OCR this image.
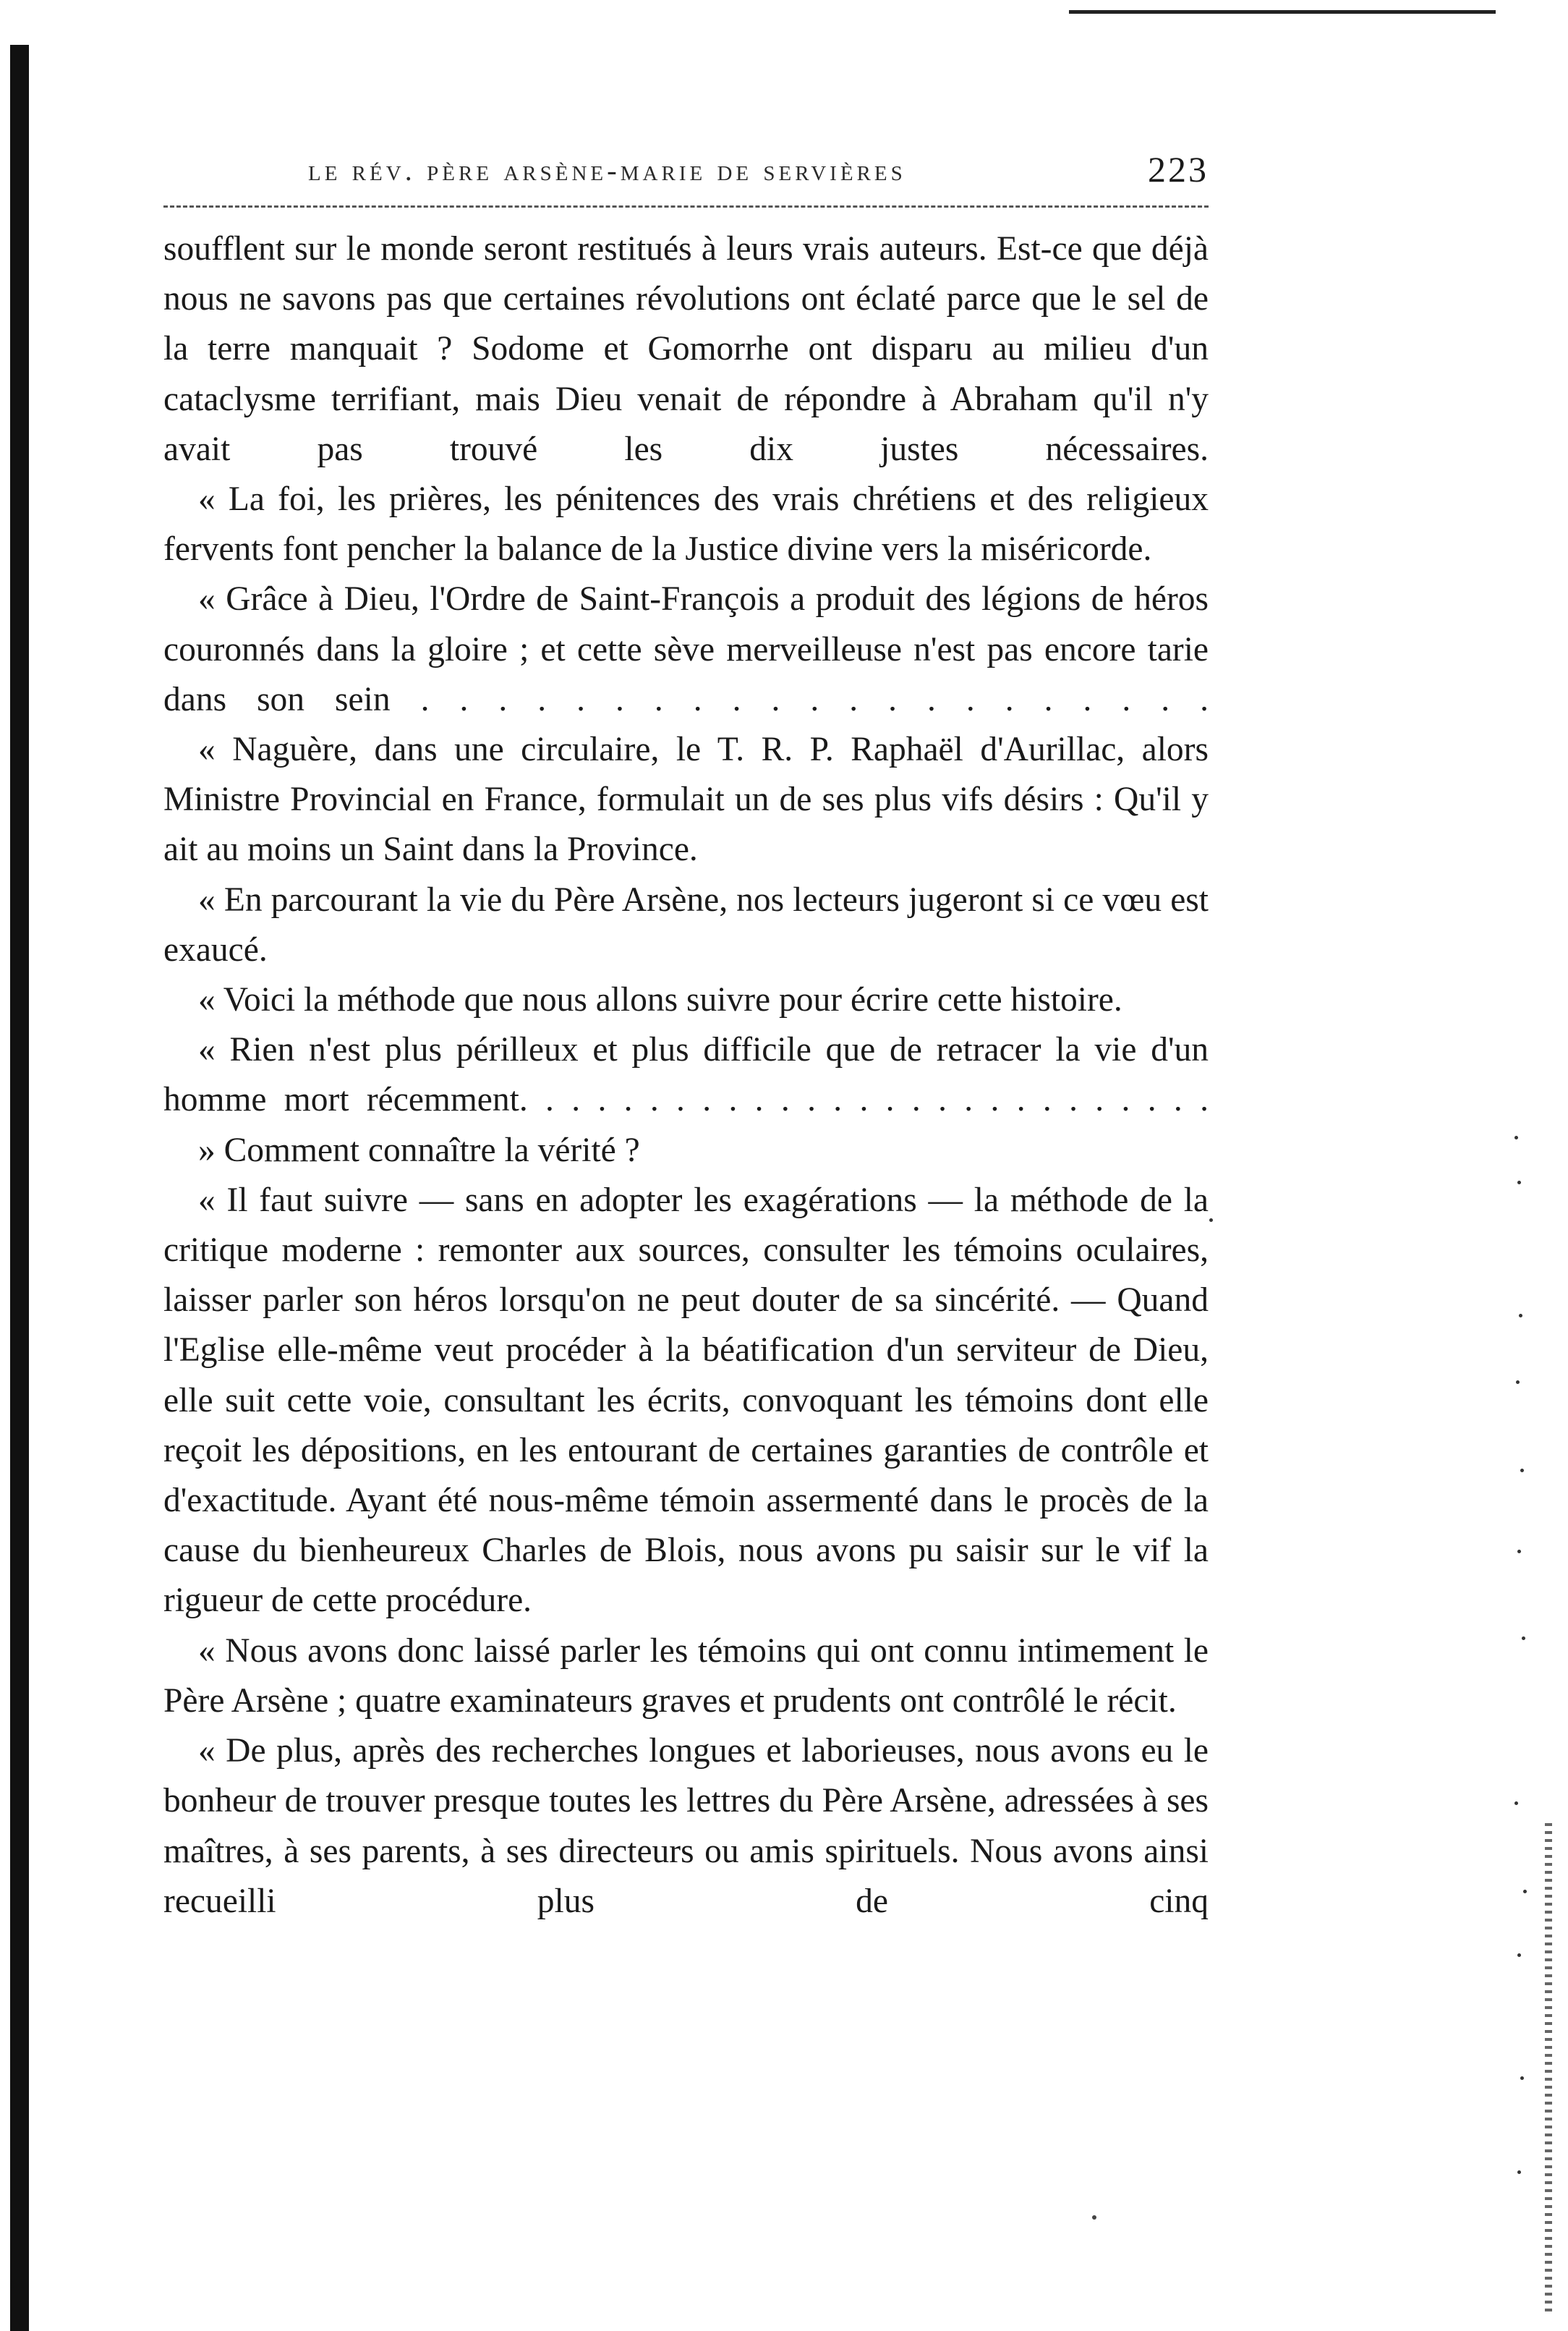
le rév. père arsène-marie de servières	223

soufflent sur le monde seront restitués à leurs vrais auteurs. Est-ce que déjà nous ne savons pas que certaines révolutions ont éclaté parce que le sel de la terre manquait ? Sodome et Gomorrhe ont disparu au milieu d'un cataclysme terrifiant, mais Dieu venait de répondre à Abraham qu'il n'y avait pas trouvé les dix justes nécessaires.

« La foi, les prières, les pénitences des vrais chrétiens et des religieux fervents font pencher la balance de la Justice divine vers la miséricorde.

« Grâce à Dieu, l'Ordre de Saint-François a produit des légions de héros couronnés dans la gloire ; et cette sève merveilleuse n'est pas encore tarie dans son sein . . . . . . . . . . . . . . . . . . . . .

« Naguère, dans une circulaire, le T. R. P. Raphaël d'Aurillac, alors Ministre Provincial en France, formulait un de ses plus vifs désirs : Qu'il y ait au moins un Saint dans la Province.

« En parcourant la vie du Père Arsène, nos lecteurs jugeront si ce vœu est exaucé.

« Voici la méthode que nous allons suivre pour écrire cette histoire.

« Rien n'est plus périlleux et plus difficile que de retracer la vie d'un homme mort récemment. . . . . . . . . . . . . . . . . . . . . . . . . . .

» Comment connaître la vérité ?

« Il faut suivre — sans en adopter les exagérations — la méthode de la critique moderne : remonter aux sources, consulter les témoins oculaires, laisser parler son héros lorsqu'on ne peut douter de sa sincérité. — Quand l'Eglise elle-même veut procéder à la béatification d'un serviteur de Dieu, elle suit cette voie, consultant les écrits, convoquant les témoins dont elle reçoit les dépositions, en les entourant de certaines garanties de contrôle et d'exactitude. Ayant été nous-même témoin assermenté dans le procès de la cause du bienheureux Charles de Blois, nous avons pu saisir sur le vif la rigueur de cette procédure.

« Nous avons donc laissé parler les témoins qui ont connu intimement le Père Arsène ; quatre examinateurs graves et prudents ont contrôlé le récit.

« De plus, après des recherches longues et laborieuses, nous avons eu le bonheur de trouver presque toutes les lettres du Père Arsène, adressées à ses maîtres, à ses parents, à ses directeurs ou amis spirituels. Nous avons ainsi recueilli plus de cinq
